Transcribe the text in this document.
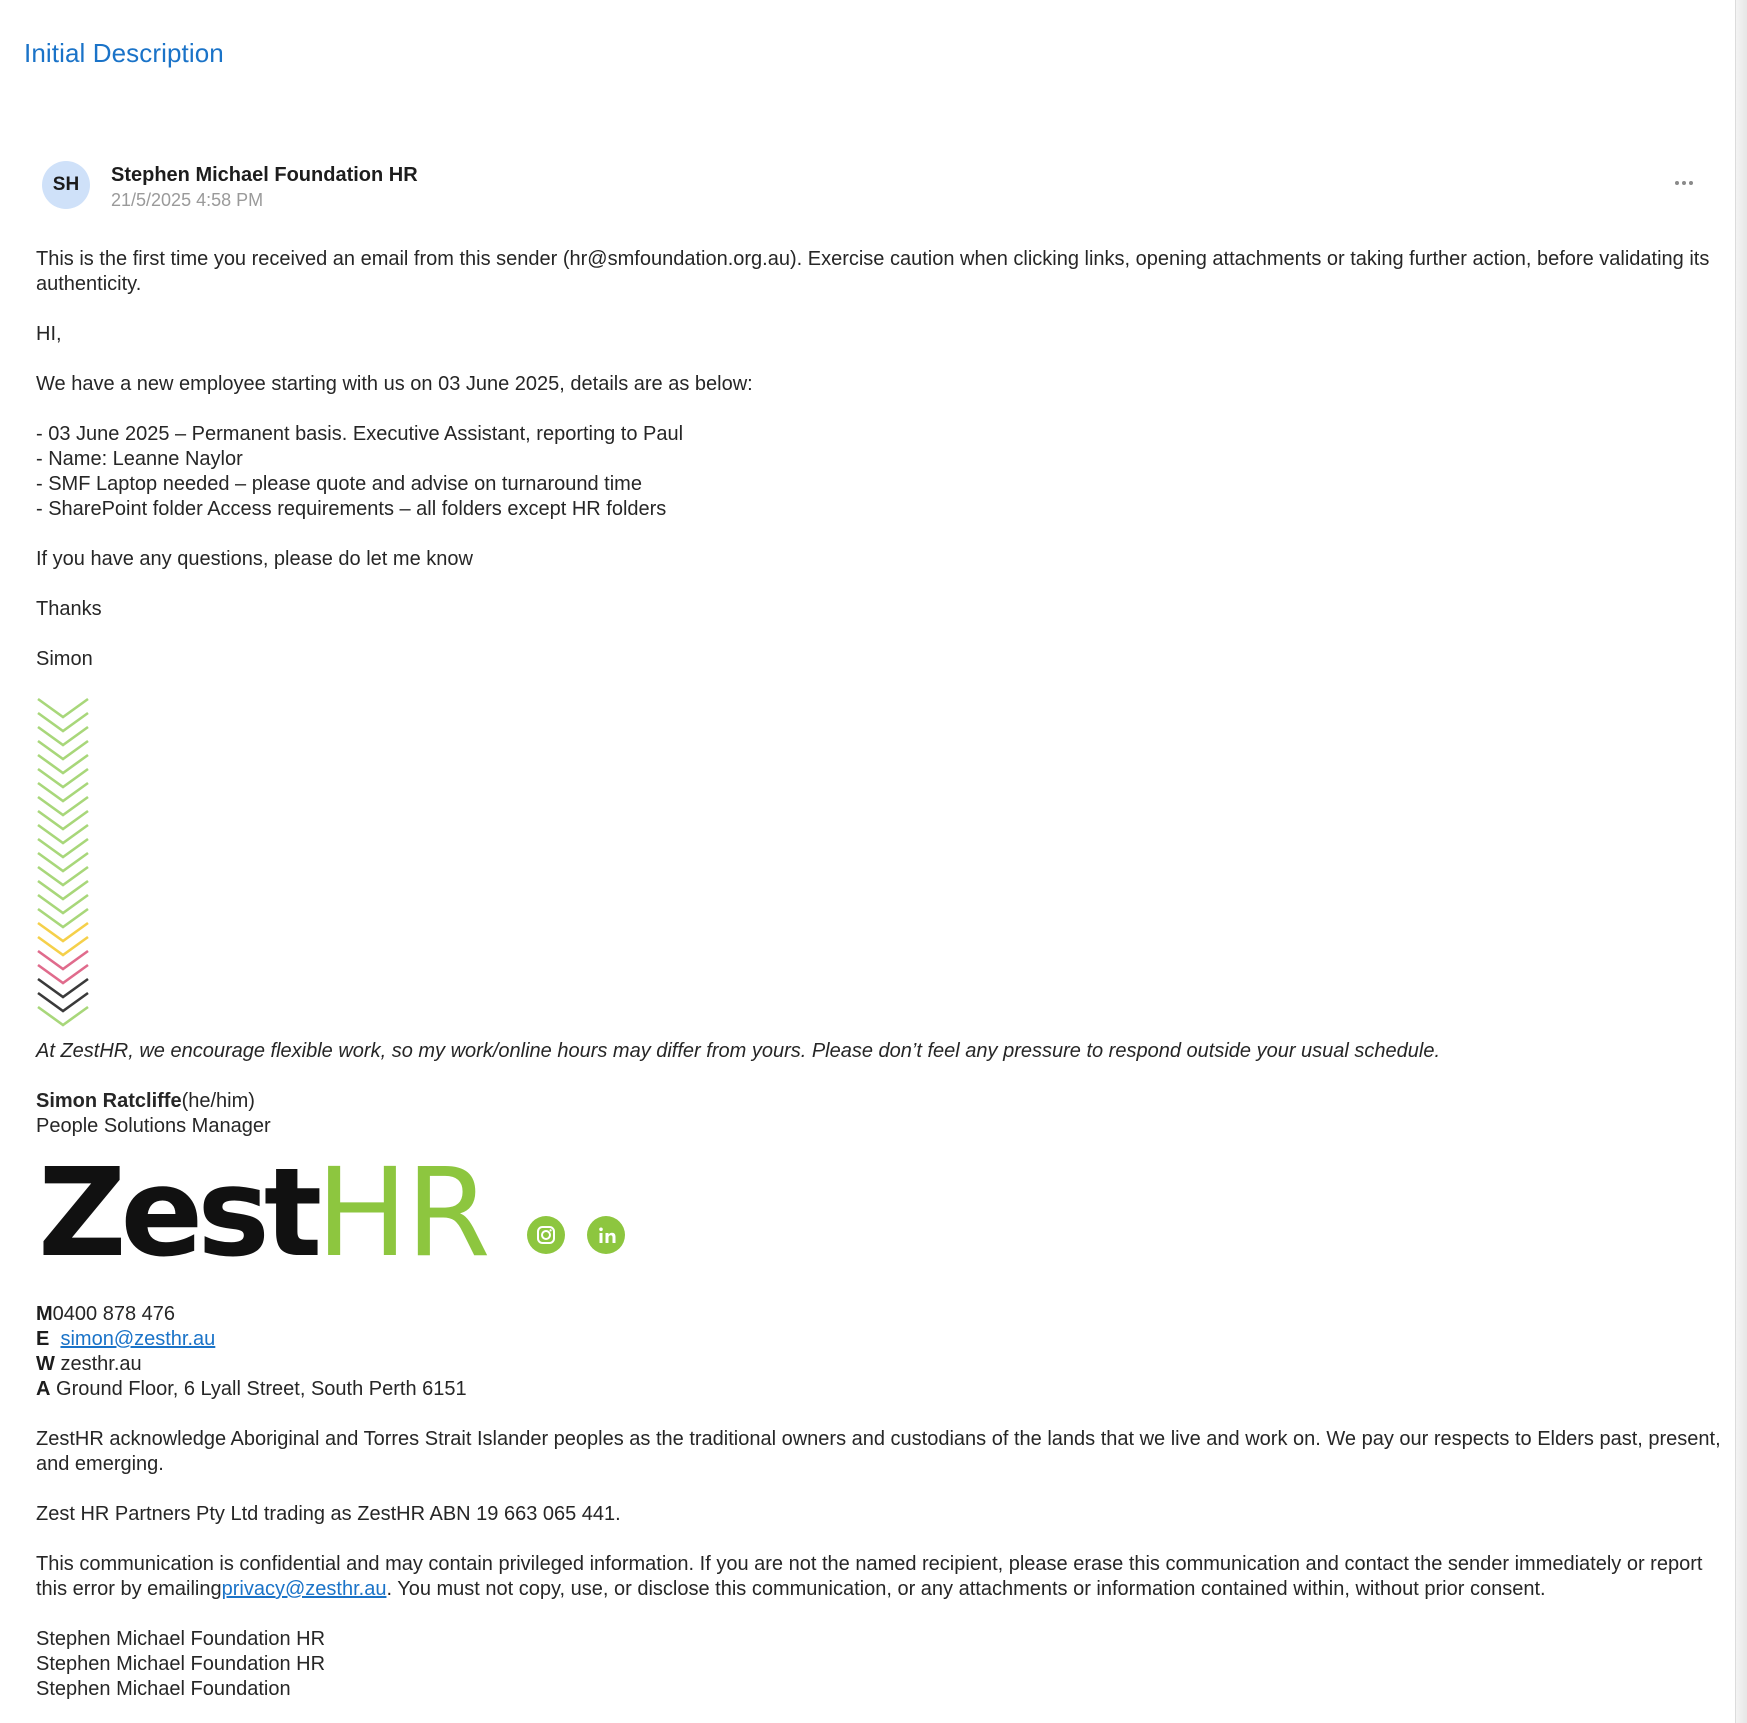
Initial Description
SH	Stephen Michael Foundation HR
21/5/2025 4:58 PM

This is the first time you received an email from this sender (hr@smfoundation.org.au). Exercise caution when clicking links, opening attachments or taking further action, before validating its authenticity.

HI,

We have a new employee starting with us on 03 June 2025, details are as below:

- 03 June 2025 – Permanent basis. Executive Assistant, reporting to Paul

- Name: Leanne Naylor

- SMF Laptop needed – please quote and advise on turnaround time

- SharePoint folder Access requirements – all folders except HR folders

If you have any questions, please do let me know

Thanks

Simon

At ZestHR, we encourage flexible work, so my work/online hours may differ from yours. Please don’t feel any pressure to respond outside your usual schedule.

Simon Ratcliffe(he/him)

People Solutions Manager

ZestHR

M0400 878 476

E simon@zesthr.au

W zesthr.au

A Ground Floor, 6 Lyall Street, South Perth 6151

ZestHR acknowledge Aboriginal and Torres Strait Islander peoples as the traditional owners and custodians of the lands that we live and work on. We pay our respects to Elders past, present, and emerging.

Zest HR Partners Pty Ltd trading as ZestHR ABN 19 663 065 441.

This communication is confidential and may contain privileged information. If you are not the named recipient, please erase this communication and contact the sender immediately or report this error by emailingprivacy@zesthr.au. You must not copy, use, or disclose this communication, or any attachments or information contained within, without prior consent.

Stephen Michael Foundation HR

Stephen Michael Foundation HR

Stephen Michael Foundation
